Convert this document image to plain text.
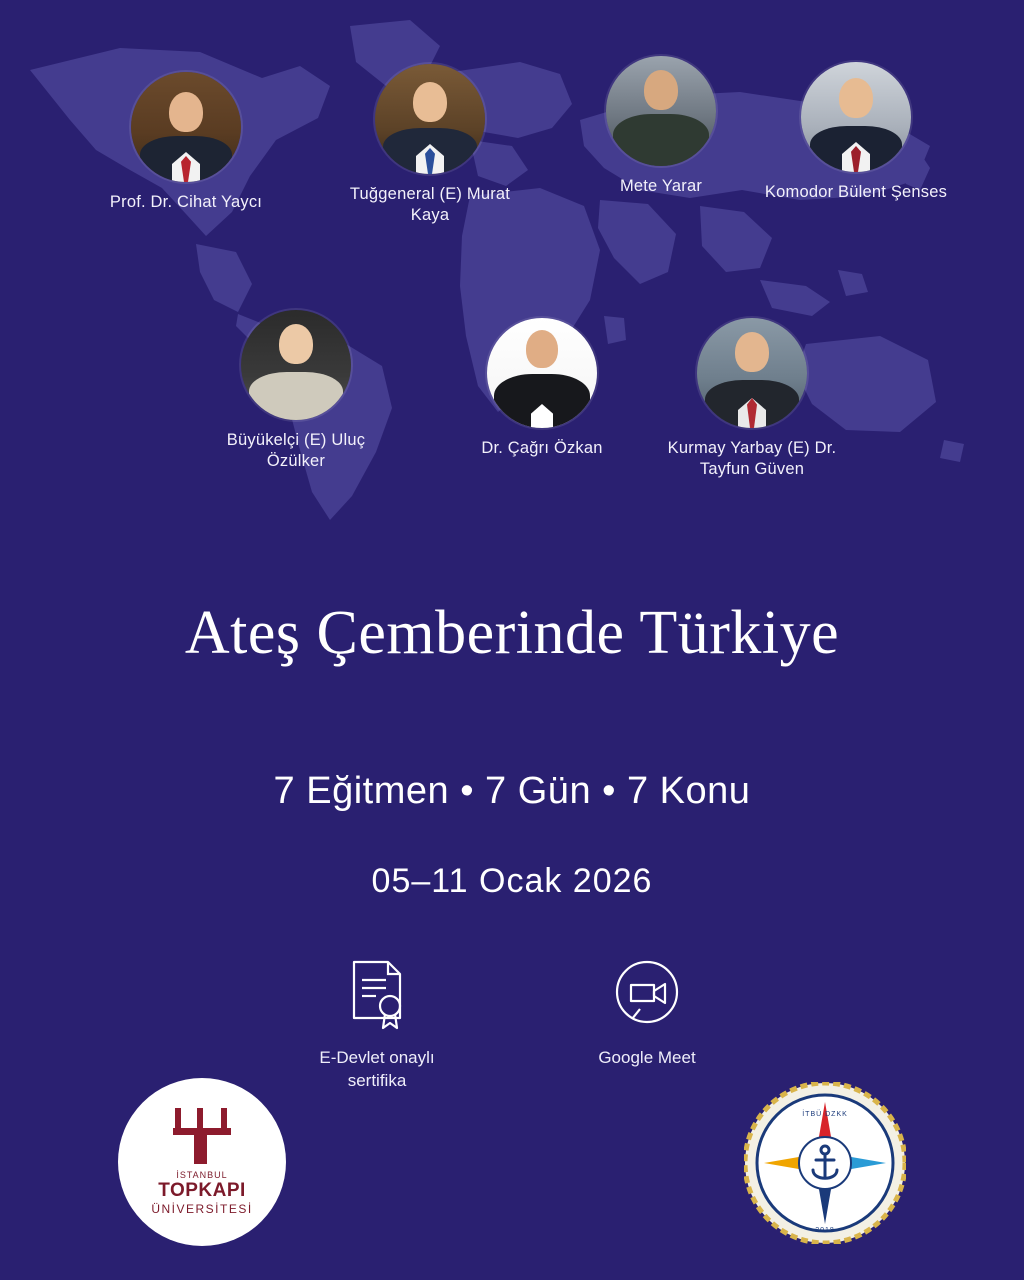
Prof. Dr. Cihat Yaycı	Tuğgeneral (E) Murat Kaya
Mete Yarar	Komodor Bülent Şenses
Büyükelçi (E) Uluç Özülker
Dr. Çağrı Özkan	Kurmay Yarbay (E) Dr. Tayfun Güven
Ateş Çemberinde Türkiye
7 Eğitmen • 7 Gün • 7 Konu
05–11 Ocak 2026
E-Devlet onaylı sertifika
Google Meet
İSTANBUL
TOPKAPI
ÜNİVERSİTESİ
İTBÜ DZKK
2018
